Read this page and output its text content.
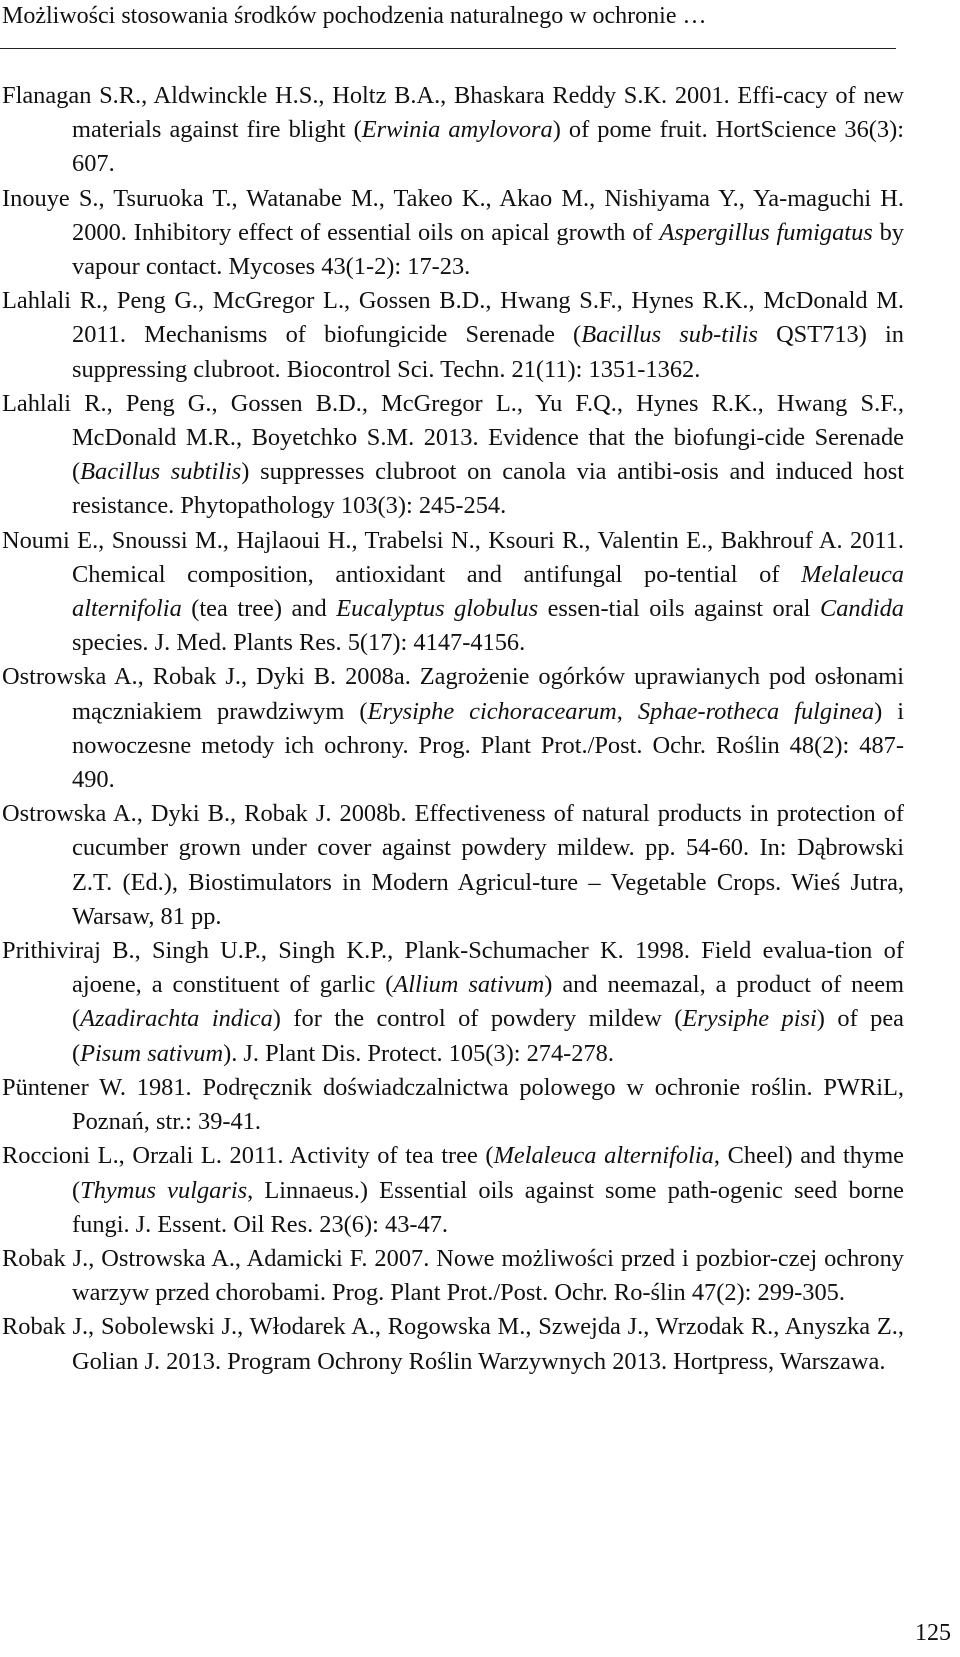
Możliwości stosowania środków pochodzenia naturalnego w ochronie …

Flanagan S.R., Aldwinckle H.S., Holtz B.A., Bhaskara Reddy S.K. 2001. Effi-cacy of new materials against fire blight (Erwinia amylovora) of pome fruit. HortScience 36(3): 607.

Inouye S., Tsuruoka T., Watanabe M., Takeo K., Akao M., Nishiyama Y., Ya-maguchi H. 2000. Inhibitory effect of essential oils on apical growth of Aspergillus fumigatus by vapour contact. Mycoses 43(1-2): 17-23.

Lahlali R., Peng G., McGregor L., Gossen B.D., Hwang S.F., Hynes R.K., McDonald M. 2011. Mechanisms of biofungicide Serenade (Bacillus sub-tilis QST713) in suppressing clubroot. Biocontrol Sci. Techn. 21(11): 1351-1362.

Lahlali R., Peng G., Gossen B.D., McGregor L., Yu F.Q., Hynes R.K., Hwang S.F., McDonald M.R., Boyetchko S.M. 2013. Evidence that the biofungi-cide Serenade (Bacillus subtilis) suppresses clubroot on canola via antibi-osis and induced host resistance. Phytopathology 103(3): 245-254.

Noumi E., Snoussi M., Hajlaoui H., Trabelsi N., Ksouri R., Valentin E., Bakhrouf A. 2011. Chemical composition, antioxidant and antifungal po-tential of Melaleuca alternifolia (tea tree) and Eucalyptus globulus essen-tial oils against oral Candida species. J. Med. Plants Res. 5(17): 4147-4156.

Ostrowska A., Robak J., Dyki B. 2008a. Zagrożenie ogórków uprawianych pod osłonami mączniakiem prawdziwym (Erysiphe cichoracearum, Sphae-rotheca fulginea) i nowoczesne metody ich ochrony. Prog. Plant Prot./Post. Ochr. Roślin 48(2): 487-490.

Ostrowska A., Dyki B., Robak J. 2008b. Effectiveness of natural products in protection of cucumber grown under cover against powdery mildew. pp. 54-60. In: Dąbrowski Z.T. (Ed.), Biostimulators in Modern Agricul-ture – Vegetable Crops. Wieś Jutra, Warsaw, 81 pp.

Prithiviraj B., Singh U.P., Singh K.P., Plank-Schumacher K. 1998. Field evalua-tion of ajoene, a constituent of garlic (Allium sativum) and neemazal, a product of neem (Azadirachta indica) for the control of powdery mildew (Erysiphe pisi) of pea (Pisum sativum). J. Plant Dis. Protect. 105(3): 274-278.

Püntener W. 1981. Podręcznik doświadczalnictwa polowego w ochronie roślin. PWRiL, Poznań, str.: 39-41.

Roccioni L., Orzali L. 2011. Activity of tea tree (Melaleuca alternifolia, Cheel) and thyme (Thymus vulgaris, Linnaeus.) Essential oils against some path-ogenic seed borne fungi. J. Essent. Oil Res. 23(6): 43-47.

Robak J., Ostrowska A., Adamicki F. 2007. Nowe możliwości przed i pozbior-czej ochrony warzyw przed chorobami. Prog. Plant Prot./Post. Ochr. Ro-ślin 47(2): 299-305.

Robak J., Sobolewski J., Włodarek A., Rogowska M., Szwejda J., Wrzodak R., Anyszka Z., Golian J. 2013. Program Ochrony Roślin Warzywnych 2013. Hortpress, Warszawa.

125
